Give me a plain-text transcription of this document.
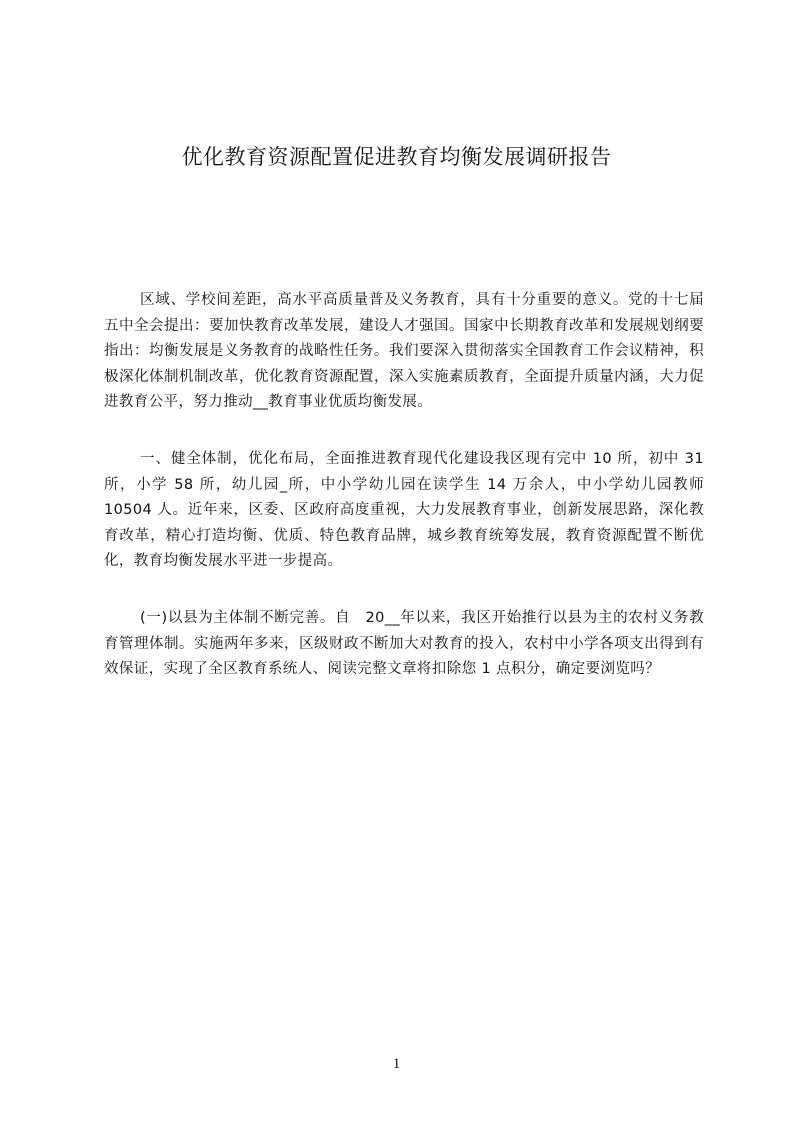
优化教育资源配置促进教育均衡发展调研报告

区域、学校间差距，高水平高质量普及义务教育，具有十分重要的意义。党的十七届五中全会提出：要加快教育改革发展，建设人才强国。国家中长期教育改革和发展规划纲要指出：均衡发展是义务教育的战略性任务。我们要深入贯彻落实全国教育工作会议精神，积极深化体制机制改革，优化教育资源配置，深入实施素质教育，全面提升质量内涵，大力促进教育公平，努力推动__教育事业优质均衡发展。

一、健全体制，优化布局，全面推进教育现代化建设我区现有完中 10 所，初中 31 所，小学 58 所，幼儿园_所，中小学幼儿园在读学生 14 万余人，中小学幼儿园教师 10504 人。近年来，区委、区政府高度重视，大力发展教育事业，创新发展思路，深化教育改革，精心打造均衡、优质、特色教育品牌，城乡教育统筹发展，教育资源配置不断优化，教育均衡发展水平进一步提高。

(一)以县为主体制不断完善。自　20__年以来，我区开始推行以县为主的农村义务教育管理体制。实施两年多来，区级财政不断加大对教育的投入，农村中小学各项支出得到有效保证，实现了全区教育系统人、阅读完整文章将扣除您 1 点积分，确定要浏览吗？

1
